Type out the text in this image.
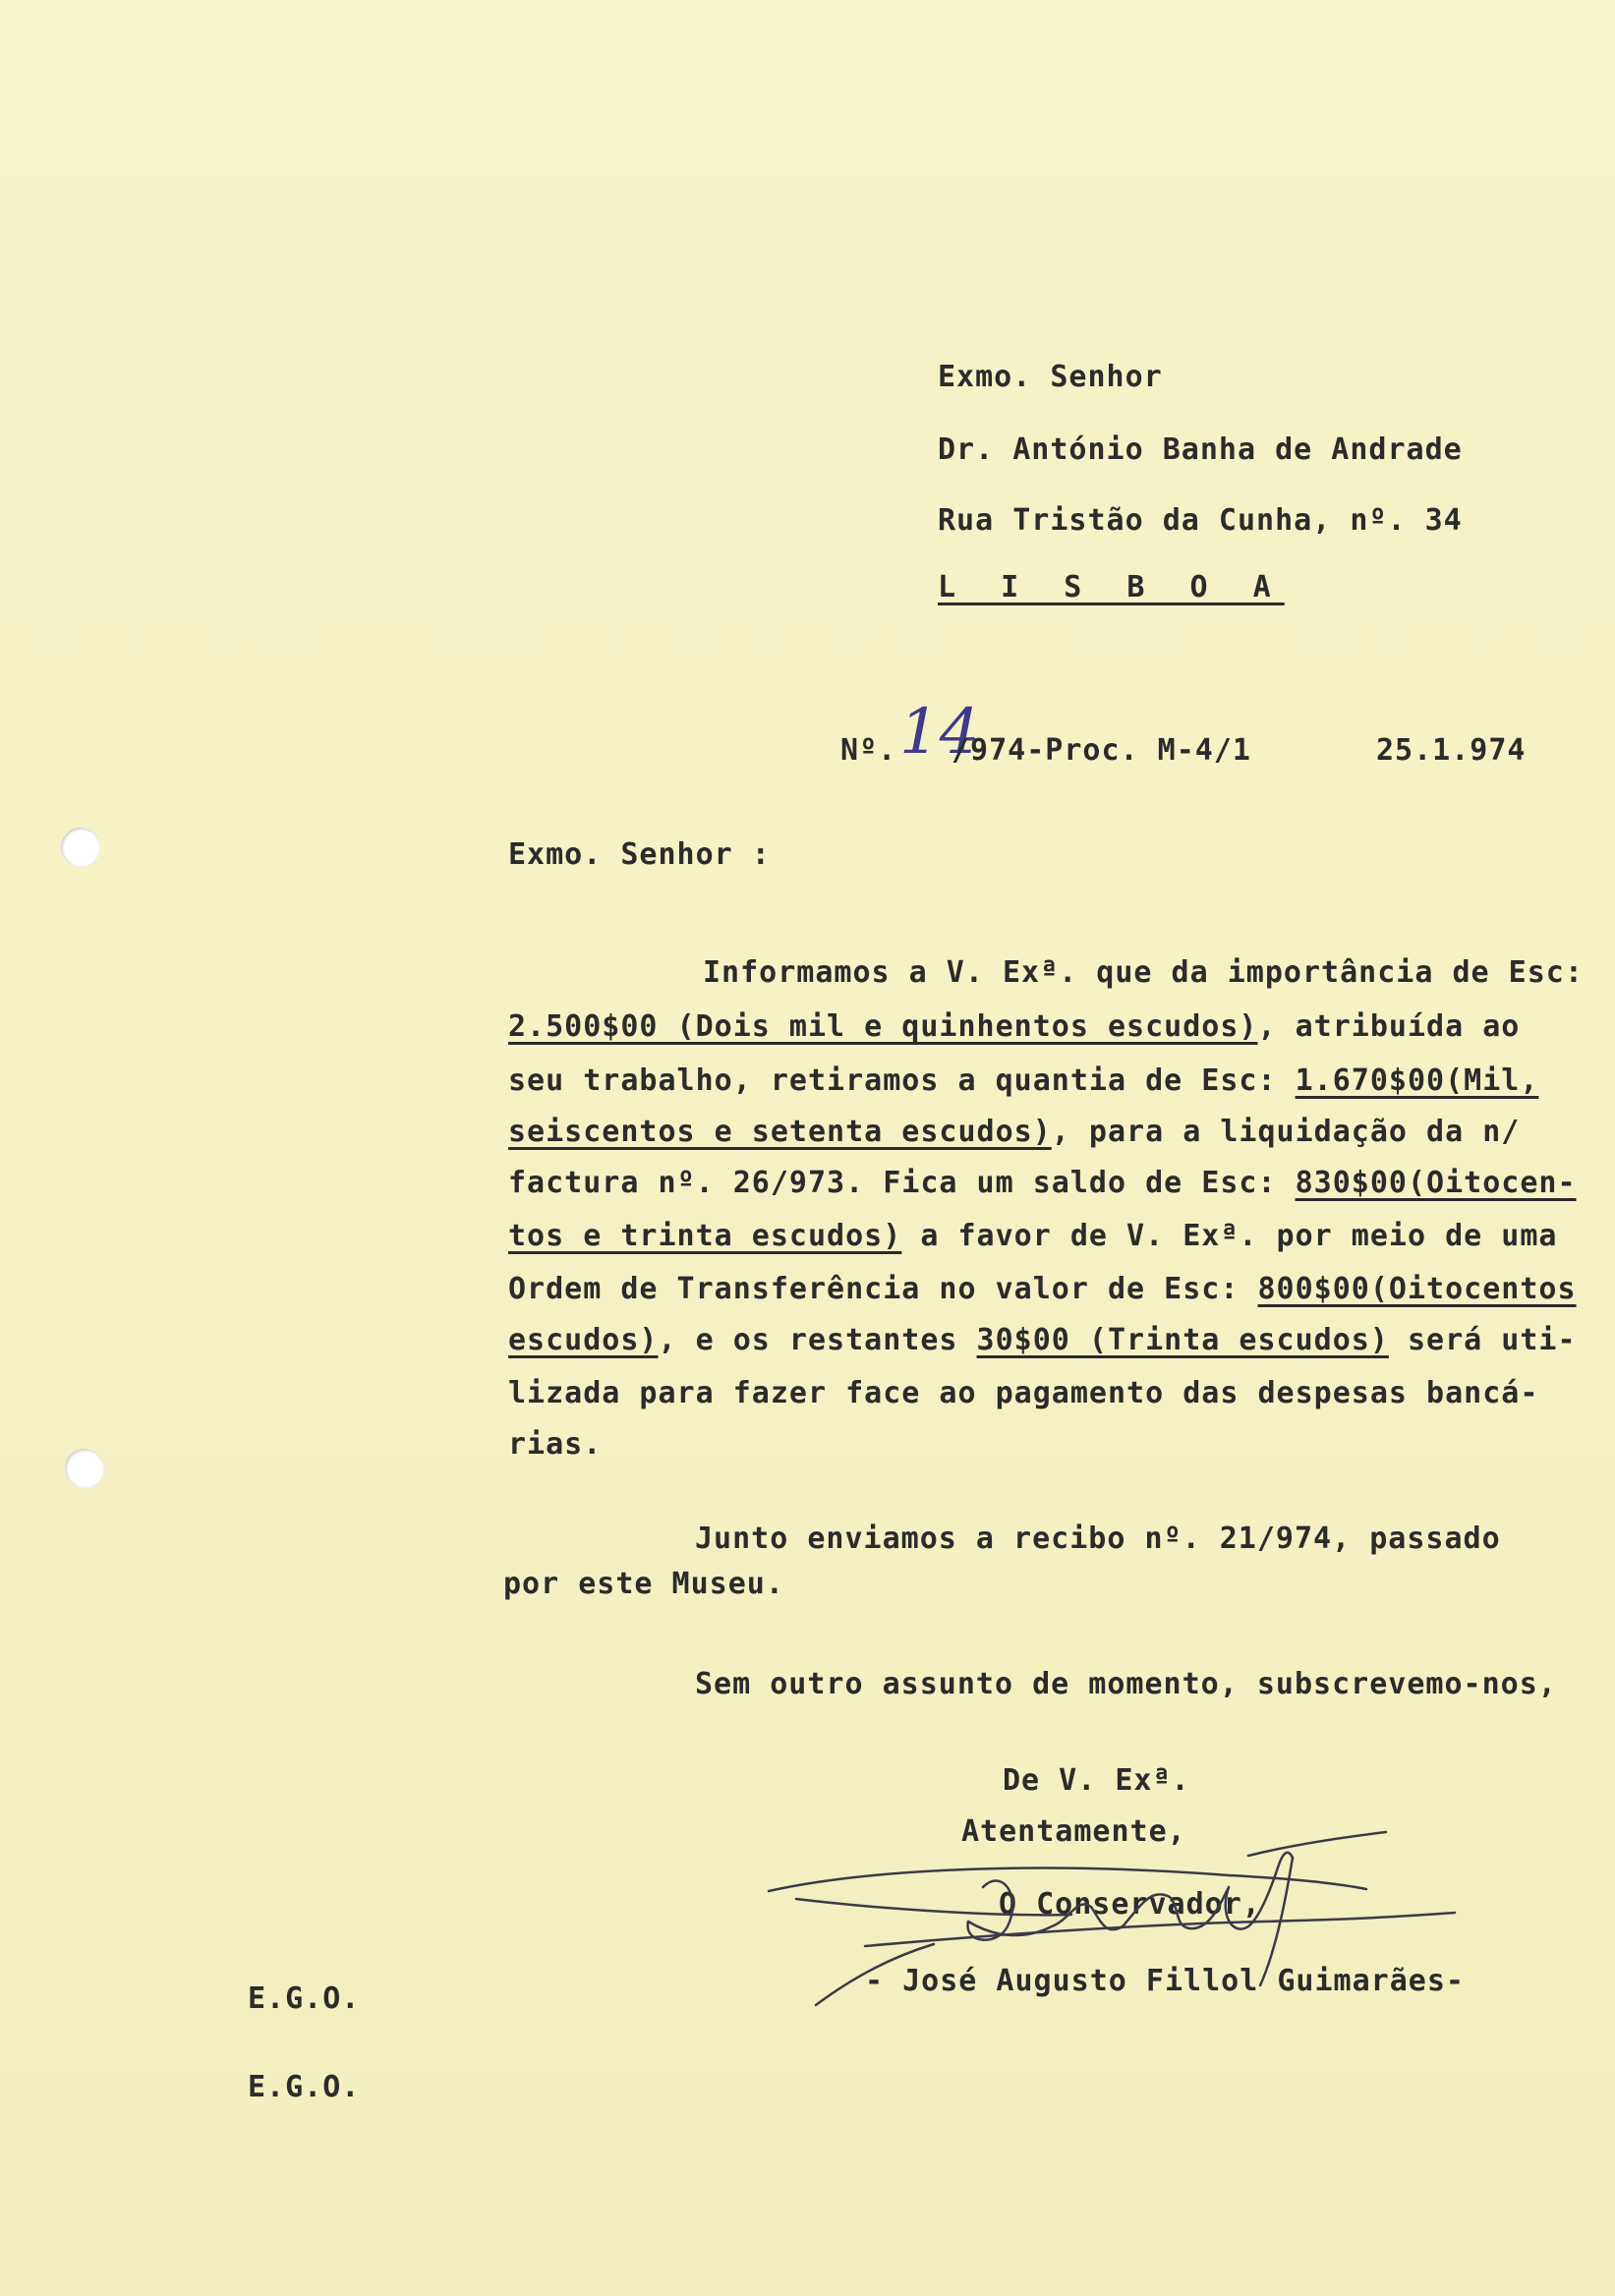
Exmo. Senhor
Dr. António Banha de Andrade
Rua Tristão da Cunha, nº. 34
L I S B O A
Nº. 14
/974-Proc. M-4/1	25.1.974
Exmo. Senhor :
Informamos a V. Exª. que da importância de Esc:
2.500$00 (Dois mil e quinhentos escudos), atribuída ao
seu trabalho, retiramos a quantia de Esc: 1.670$00(Mil,
seiscentos e setenta escudos), para a liquidação da n/
factura nº. 26/973. Fica um saldo de Esc: 830$00(Oitocen-
tos e trinta escudos) a favor de V. Exª. por meio de uma
Ordem de Transferência no valor de Esc: 800$00(Oitocentos
escudos), e os restantes 30$00 (Trinta escudos) será uti-
lizada para fazer face ao pagamento das despesas bancá-
rias.
Junto enviamos a recibo nº. 21/974, passado
por este Museu.
Sem outro assunto de momento, subscrevemo-nos,
De V. Exª.
Atentamente,
O Conservador,
- José Augusto Fillol Guimarães-
E.G.O.
E.G.O.
